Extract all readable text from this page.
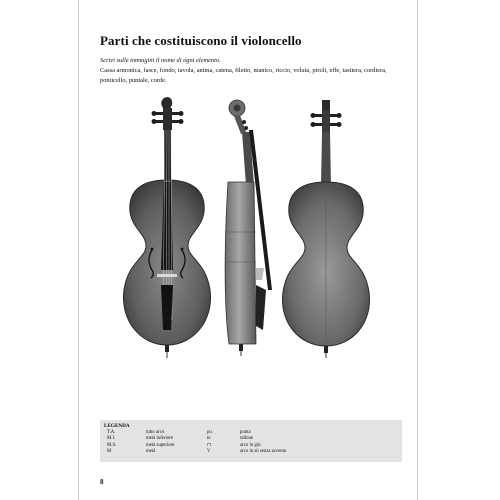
Parti che costituiscono il violoncello
Scrivi sulle immagini il nome di ogni elemento.
Cassa armonica, fasce, fondo, tavola, anima, catena, filetto, manico, riccio, voluta, piroli, effe, tastiera, cordiera, ponticello, puntale, corde.
LEGENDA
T.A.	tutto arco	pu	punta
M.I.	metà inferiore	te	tallone
M.S.	metà superiore	⊓	arco in giù
M	metà	V	arco in sù senza accento
8
